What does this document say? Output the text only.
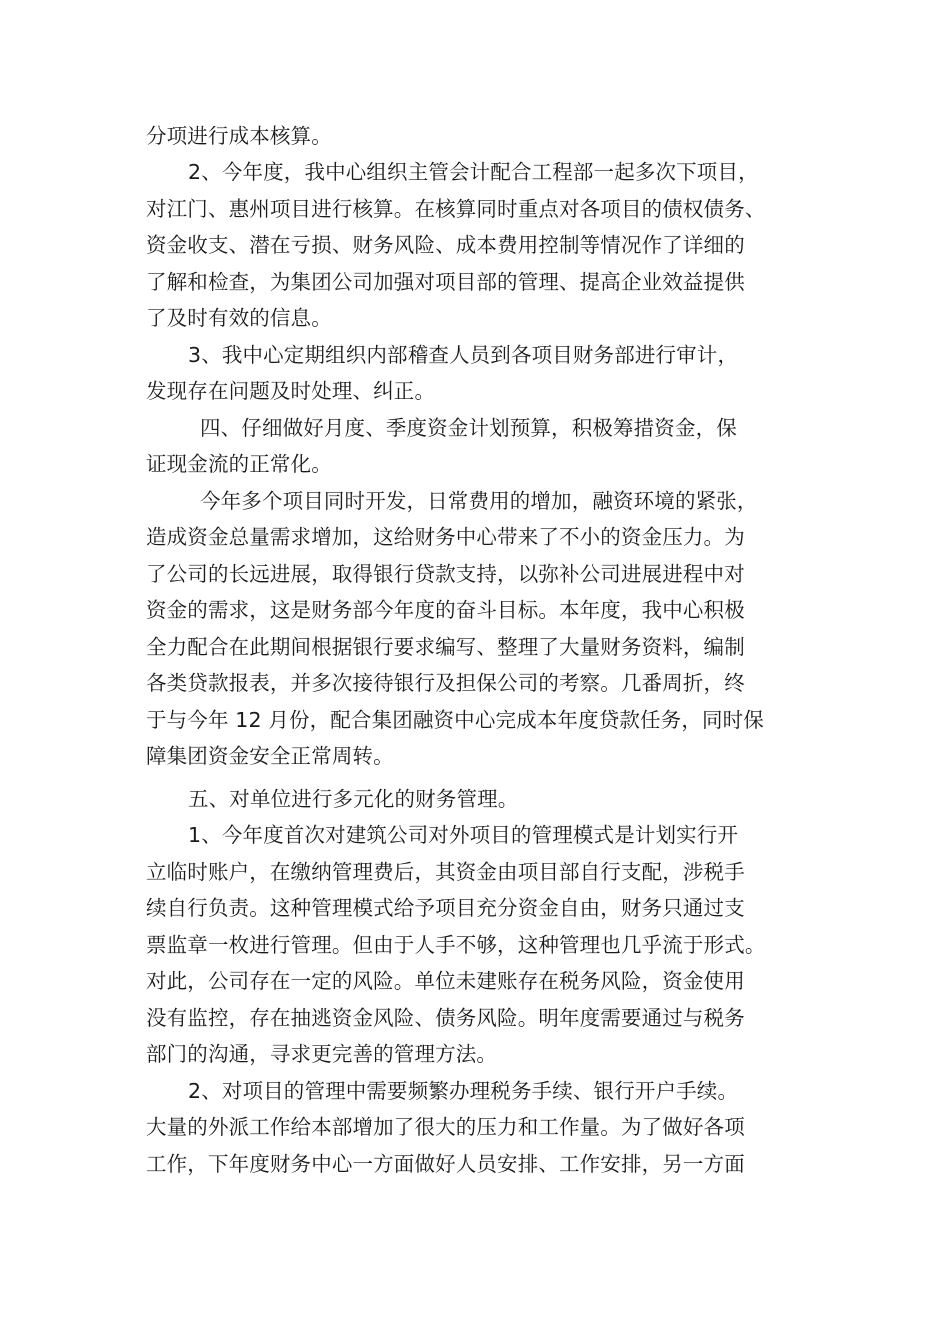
分项进行成本核算。

2、今年度，我中心组织主管会计配合工程部一起多次下项目，

对江门、惠州项目进行核算。在核算同时重点对各项目的债权债务、

资金收支、潜在亏损、财务风险、成本费用控制等情况作了详细的

了解和检查，为集团公司加强对项目部的管理、提高企业效益提供

了及时有效的信息。

3、我中心定期组织内部稽查人员到各项目财务部进行审计，

发现存在问题及时处理、纠正。

四、仔细做好月度、季度资金计划预算，积极筹措资金，保

证现金流的正常化。

今年多个项目同时开发，日常费用的增加，融资环境的紧张，

造成资金总量需求增加，这给财务中心带来了不小的资金压力。为

了公司的长远进展，取得银行贷款支持，以弥补公司进展进程中对

资金的需求，这是财务部今年度的奋斗目标。本年度，我中心积极

全力配合在此期间根据银行要求编写、整理了大量财务资料，编制

各类贷款报表，并多次接待银行及担保公司的考察。几番周折，终

于与今年 12 月份，配合集团融资中心完成本年度贷款任务，同时保

障集团资金安全正常周转。

五、对单位进行多元化的财务管理。

1、今年度首次对建筑公司对外项目的管理模式是计划实行开

立临时账户，在缴纳管理费后，其资金由项目部自行支配，涉税手

续自行负责。这种管理模式给予项目充分资金自由，财务只通过支

票监章一枚进行管理。但由于人手不够，这种管理也几乎流于形式。

对此，公司存在一定的风险。单位未建账存在税务风险，资金使用

没有监控，存在抽逃资金风险、债务风险。明年度需要通过与税务

部门的沟通，寻求更完善的管理方法。

2、对项目的管理中需要频繁办理税务手续、银行开户手续。

大量的外派工作给本部增加了很大的压力和工作量。为了做好各项

工作，下年度财务中心一方面做好人员安排、工作安排，另一方面
